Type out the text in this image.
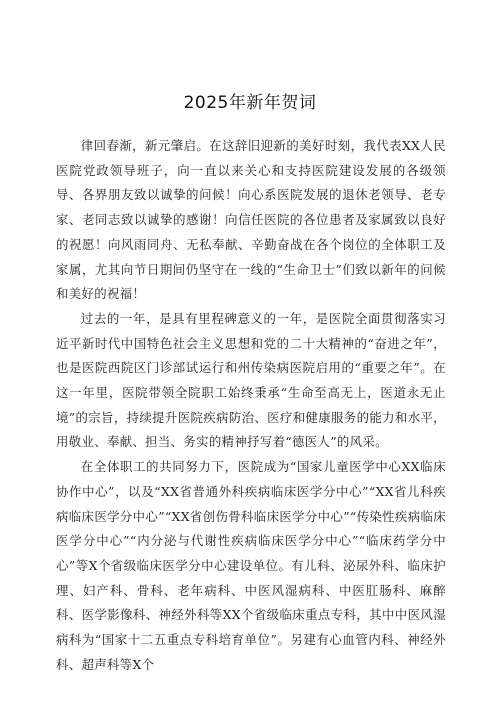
2025年新年贺词

律回春渐，新元肇启。在这辞旧迎新的美好时刻，我代表XX人民医院党政领导班子，向一直以来关心和支持医院建设发展的各级领导、各界朋友致以诚挚的问候！向心系医院发展的退休老领导、老专家、老同志致以诚挚的感谢！向信任医院的各位患者及家属致以良好的祝愿！向风雨同舟、无私奉献、辛勤奋战在各个岗位的全体职工及家属，尤其向节日期间仍坚守在一线的“生命卫士”们致以新年的问候和美好的祝福！

过去的一年，是具有里程碑意义的一年，是医院全面贯彻落实习近平新时代中国特色社会主义思想和党的二十大精神的“奋进之年”，也是医院西院区门诊部试运行和州传染病医院启用的“重要之年”。在这一年里，医院带领全院职工始终秉承“生命至高无上，医道永无止境”的宗旨，持续提升医院疾病防治、医疗和健康服务的能力和水平，用敬业、奉献、担当、务实的精神抒写着“德医人”的风采。

在全体职工的共同努力下，医院成为“国家儿童医学中心XX临床协作中心”，以及“XX省普通外科疾病临床医学分中心”“XX省儿科疾病临床医学分中心”“XX省创伤骨科临床医学分中心”“传染性疾病临床医学分中心”“内分泌与代谢性疾病临床医学分中心”“临床药学分中心”等X个省级临床医学分中心建设单位。有儿科、泌尿外科、临床护理、妇产科、骨科、老年病科、中医风湿病科、中医肛肠科、麻醉科、医学影像科、神经外科等XX个省级临床重点专科，其中中医风湿病科为“国家十二五重点专科培育单位”。另建有心血管内科、神经外科、超声科等X个
